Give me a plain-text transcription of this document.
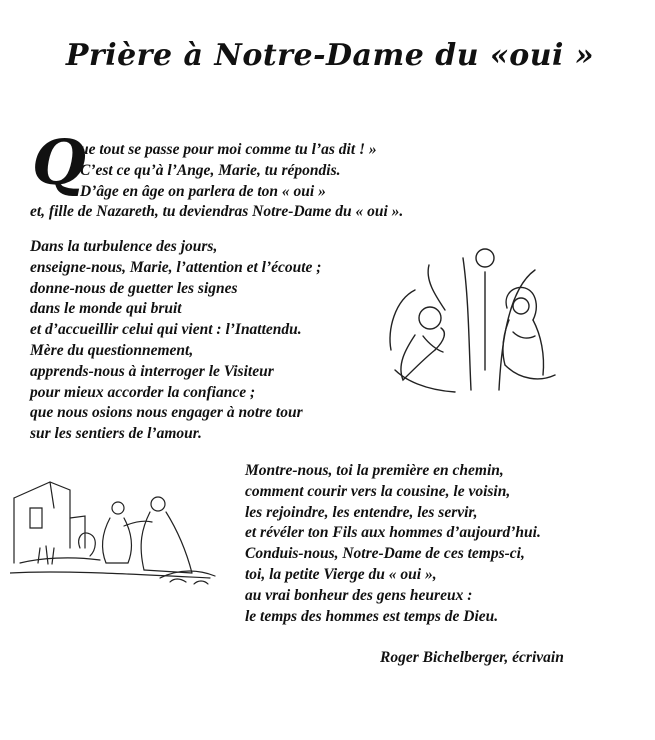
Prière à Notre-Dame du «oui »
Q
ue tout se passe pour moi comme tu l’as dit ! »
C’est ce qu’à l’Ange, Marie, tu répondis.
D’âge en âge on parlera de ton « oui »
et, fille de Nazareth, tu deviendras Notre-Dame du « oui ».
Dans la turbulence des jours,
enseigne-nous, Marie, l’attention et l’écoute ;
donne-nous de guetter les signes
dans le monde qui bruit
et d’accueillir celui qui vient : l’Inattendu.
Mère du questionnement,
apprends-nous à interroger le Visiteur
pour mieux accorder la confiance ;
que nous osions nous engager à notre tour
sur les sentiers de l’amour.
Montre-nous, toi la première en chemin,
comment courir vers la cousine, le voisin,
les rejoindre, les entendre, les servir,
et révéler ton Fils aux hommes d’aujourd’hui.
Conduis-nous, Notre-Dame de ces temps-ci,
toi, la petite Vierge du « oui »,
au vrai bonheur des gens heureux :
le temps des hommes est temps de Dieu.
Roger Bichelberger, écrivain
